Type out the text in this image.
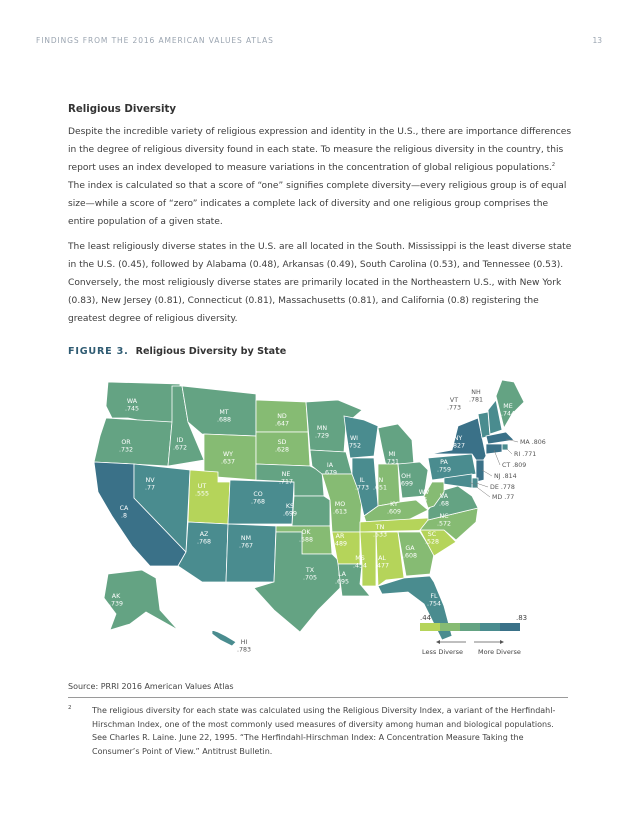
FINDINGS FROM THE 2016 AMERICAN VALUES ATLAS	13
Religious Diversity

Despite the incredible variety of religious expression and identity in the U.S., there are importance differences in the degree of religious diversity found in each state. To measure the religious diversity in the country, this report uses an index developed to measure variations in the concentration of global religious populations.$^2$ The index is calculated so that a score of “one” signifies complete diversity—every religious group is of equal size—while a score of “zero” indicates a complete lack of diversity and one religious group comprises the entire population of a given state.

The least religiously diverse states in the U.S. are all located in the South. Mississippi is the least diverse state in the U.S. (0.45), followed by Alabama (0.48), Arkansas (0.49), South Carolina (0.53), and Tennessee (0.53). Conversely, the most religiously diverse states are primarily located in the Northeastern U.S., with New York (0.83), New Jersey (0.81), Connecticut (0.81), Massachusetts (0.81), and California (0.8) registering the greatest degree of religious diversity.

FIGURE 3. Religious Diversity by State
WA .745
OR .732
CA .8
NV .77
ID .672
MT .688
WY .637
UT .555	CO .768
AZ .768	NM .767
ND .647
SD .628
NE .717
KS .699
OK .588
TX .705
MN .729
IA .679
MO .613
AR .489
LA .695
WI .752
IL .773
MI .731
IN .651
OH .699
KY .609
TN .533
MS .454
AL .477
GA .608
FL .754
SC .528
NC .572
VA .68
WV .6
PA .759
NY .827
VT .773
NH .781
ME .744
MA .806
RI .771
CT .809
NJ .814
DE .778
MD .77
AK .739
HI .783
.44	.83
Less Diverse More Diverse
Source: PRRI 2016 American Values Atlas
2	The religious diversity for each state was calculated using the Religious Diversity Index, a variant of the Herfindahl-Hirschman Index, one of the most commonly used measures of diversity among human and biological populations. See Charles R. Laine. June 22, 1995. “The Herfindahl-Hirschman Index: A Concentration Measure Taking the Consumer’s Point of View.” Antitrust Bulletin.
